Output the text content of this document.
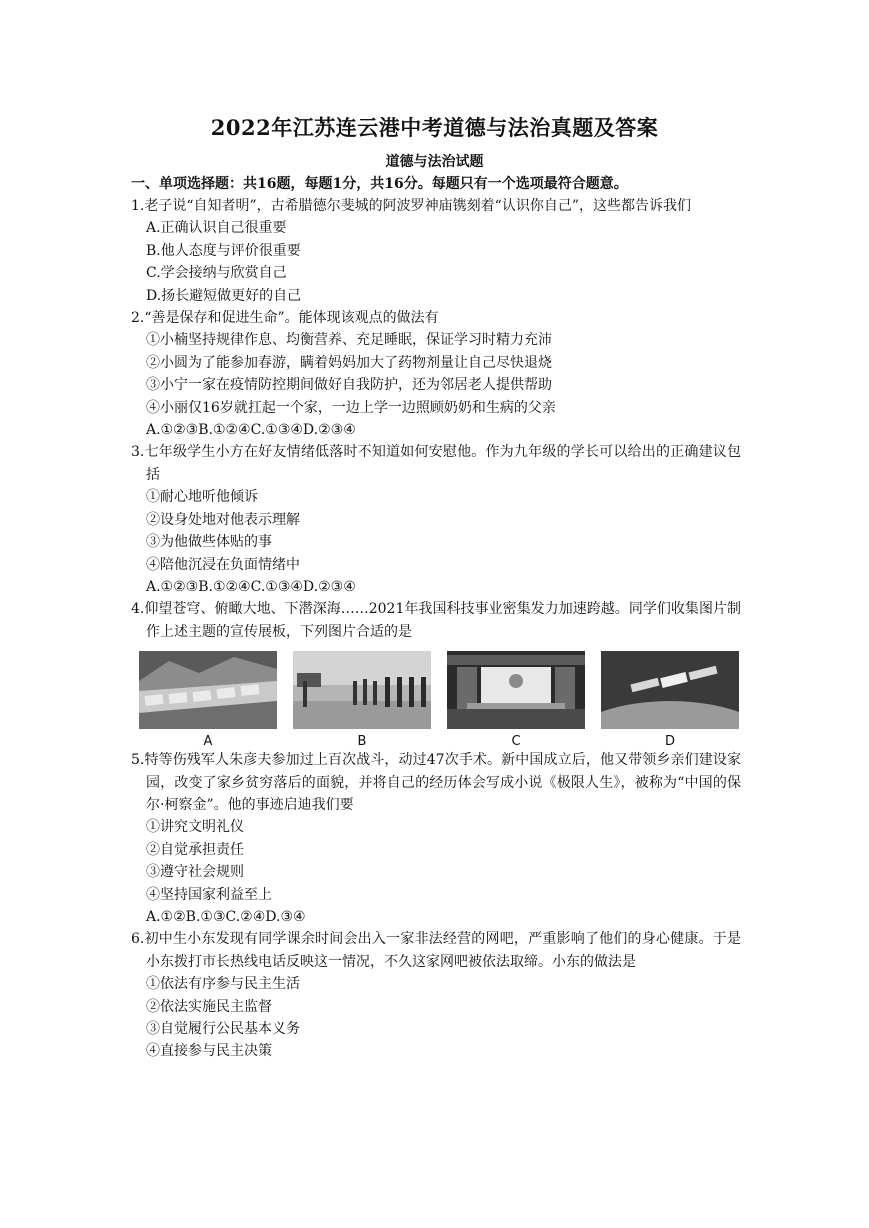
2022年江苏连云港中考道德与法治真题及答案
道德与法治试题
一、单项选择题：共16题，每题1分，共16分。每题只有一个选项最符合题意。
1.老子说“自知者明”，古希腊德尔斐城的阿波罗神庙镌刻着“认识你自己”，这些都告诉我们
A.正确认识自己很重要
B.他人态度与评价很重要
C.学会接纳与欣赏自己
D.扬长避短做更好的自己
2.“善是保存和促进生命”。能体现该观点的做法有
①小楠坚持规律作息、均衡营养、充足睡眠，保证学习时精力充沛
②小圆为了能参加春游，瞒着妈妈加大了药物剂量让自己尽快退烧
③小宁一家在疫情防控期间做好自我防护，还为邻居老人提供帮助
④小丽仅16岁就扛起一个家，一边上学一边照顾奶奶和生病的父亲
A.①②③B.①②④C.①③④D.②③④
3.七年级学生小方在好友情绪低落时不知道如何安慰他。作为九年级的学长可以给出的正确建议包括
①耐心地听他倾诉
②设身处地对他表示理解
③为他做些体贴的事
④陪他沉浸在负面情绪中
A.①②③B.①②④C.①③④D.②③④
4.仰望苍穹、俯瞰大地、下潜深海……2021年我国科技事业密集发力加速跨越。同学们收集图片制作上述主题的宣传展板，下列图片合适的是
A	B	C	D
5.特等伤残军人朱彦夫参加过上百次战斗，动过47次手术。新中国成立后，他又带领乡亲们建设家园，改变了家乡贫穷落后的面貌，并将自己的经历体会写成小说《极限人生》，被称为“中国的保尔·柯察金”。他的事迹启迪我们要
①讲究文明礼仪
②自觉承担责任
③遵守社会规则
④坚持国家利益至上
A.①②B.①③C.②④D.③④
6.初中生小东发现有同学课余时间会出入一家非法经营的网吧，严重影响了他们的身心健康。于是小东拨打市长热线电话反映这一情况，不久这家网吧被依法取缔。小东的做法是
①依法有序参与民主生活
②依法实施民主监督
③自觉履行公民基本义务
④直接参与民主决策
